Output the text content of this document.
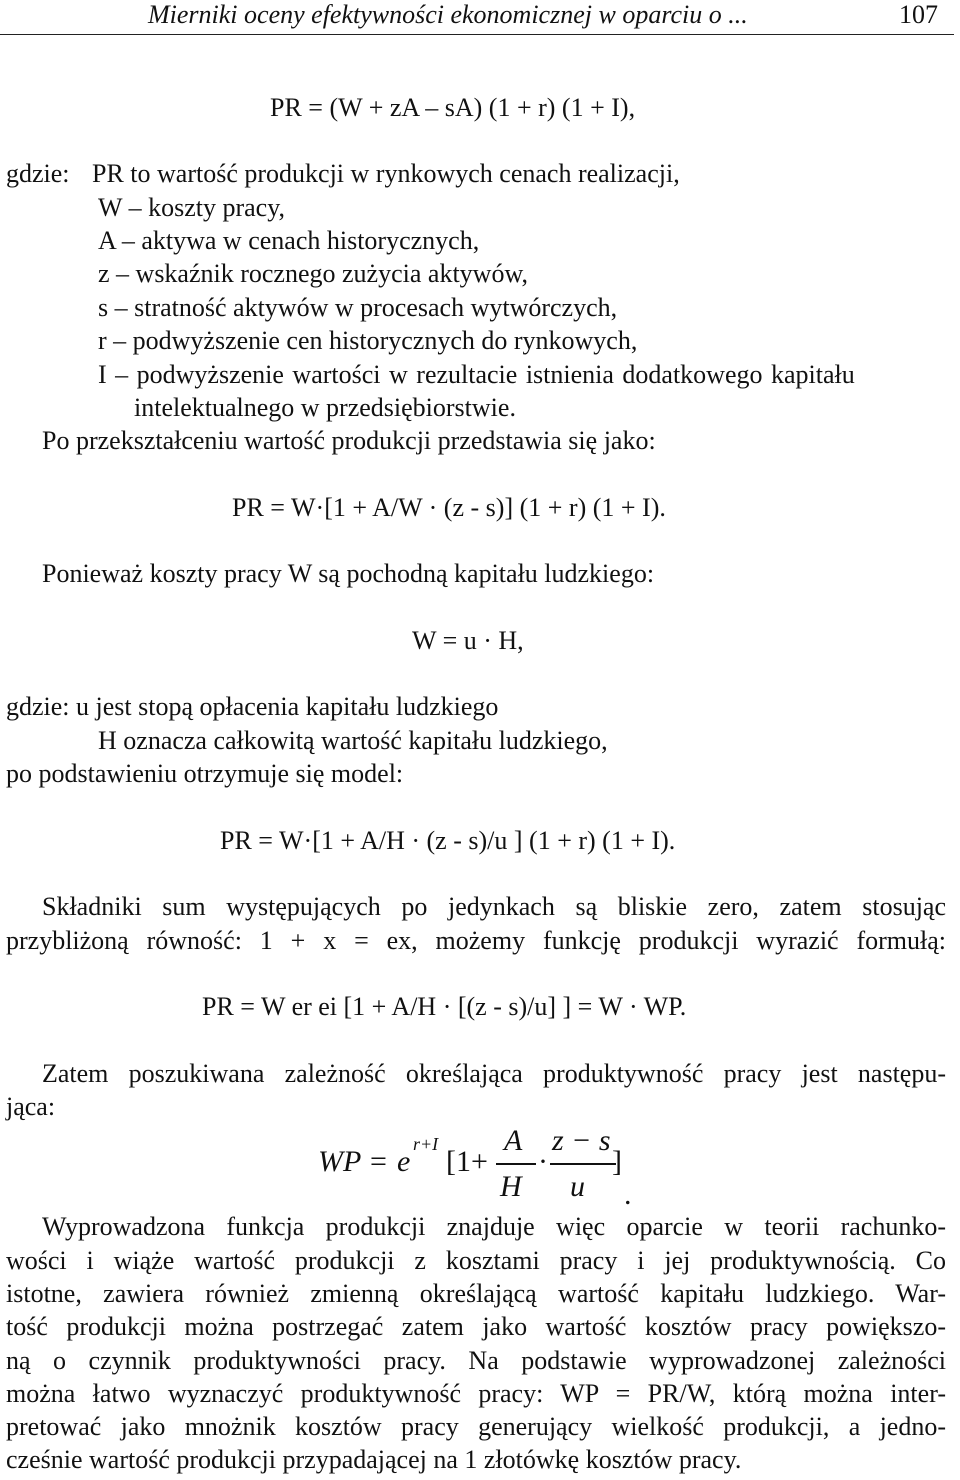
Mierniki oceny efektywności ekonomicznej w oparciu o ...	107
PR = (W + zA – sA) (1 + r) (1 + I),
gdzie: PR to wartość produkcji w rynkowych cenach realizacji,
W – koszty pracy,
A – aktywa w cenach historycznych,
z – wskaźnik rocznego zużycia aktywów,
s – stratność aktywów w procesach wytwórczych,
r – podwyższenie cen historycznych do rynkowych,
I – podwyższenie wartości w rezultacie istnienia dodatkowego kapitału
intelektualnego w przedsiębiorstwie.
Po przekształceniu wartość produkcji przedstawia się jako:
PR = W·[1 + A/W · (z - s)] (1 + r) (1 + I).
Ponieważ koszty pracy W są pochodną kapitału ludzkiego:
W = u · H,
gdzie: u jest stopą opłacenia kapitału ludzkiego
H oznacza całkowitą wartość kapitału ludzkiego,
po podstawieniu otrzymuje się model:
PR = W·[1 + A/H · (z - s)/u ] (1 + r) (1 + I).
Składniki sum występujących po jedynkach są bliskie zero, zatem stosując
przybliżoną równość: 1 + x = ex, możemy funkcję produkcji wyrazić formułą:
PR = W er ei [1 + A/H · [(z - s)/u] ] = W · WP.
Zatem poszukiwana zależność określająca produktywność pracy jest następu-
jąca:
WP = e
r+I
[1+
A
H
·
z − s
u
]
.
Wyprowadzona funkcja produkcji znajduje więc oparcie w teorii rachunko-
wości i wiąże wartość produkcji z kosztami pracy i jej produktywnością. Co
istotne, zawiera również zmienną określającą wartość kapitału ludzkiego. War-
tość produkcji można postrzegać zatem jako wartość kosztów pracy powiększo-
ną o czynnik produktywności pracy. Na podstawie wyprowadzonej zależności
można łatwo wyznaczyć produktywność pracy: WP = PR/W, którą można inter-
pretować jako mnożnik kosztów pracy generujący wielkość produkcji, a jedno-
cześnie wartość produkcji przypadającej na 1 złotówkę kosztów pracy.
